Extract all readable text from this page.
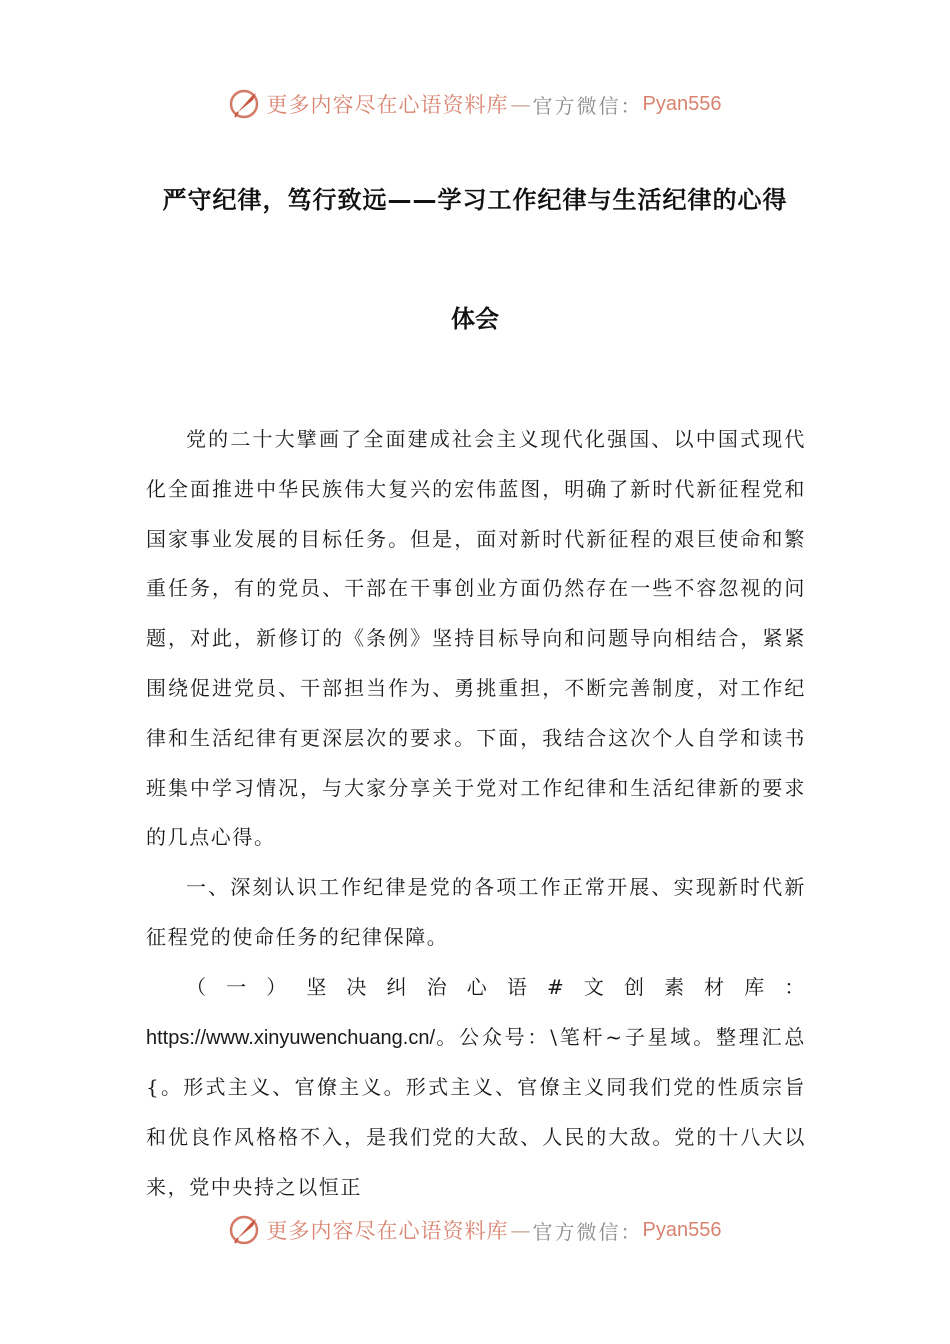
更多内容尽在心语资料库 — 官方微信： Pyan556
严守纪律，笃行致远——学习工作纪律与生活纪律的心得
体会

党的二十大擘画了全面建成社会主义现代化强国、以中国式现代化全面推进中华民族伟大复兴的宏伟蓝图，明确了新时代新征程党和国家事业发展的目标任务。但是，面对新时代新征程的艰巨使命和繁重任务，有的党员、干部在干事创业方面仍然存在一些不容忽视的问题，对此，新修订的《条例》坚持目标导向和问题导向相结合，紧紧围绕促进党员、干部担当作为、勇挑重担，不断完善制度，对工作纪律和生活纪律有更深层次的要求。下面，我结合这次个人自学和读书班集中学习情况，与大家分享关于党对工作纪律和生活纪律新的要求的几点心得。

一、深刻认识工作纪律是党的各项工作正常开展、实现新时代新征程党的使命任务的纪律保障。

（一）坚决纠治心语#文创素材库：https://www.xinyuwenchuang.cn/。公众号：\笔杆~子星域。整理汇总{。形式主义、官僚主义。形式主义、官僚主义同我们党的性质宗旨和优良作风格格不入，是我们党的大敌、人民的大敌。党的十八大以来，党中央持之以恒正

更多内容尽在心语资料库 — 官方微信： Pyan556
